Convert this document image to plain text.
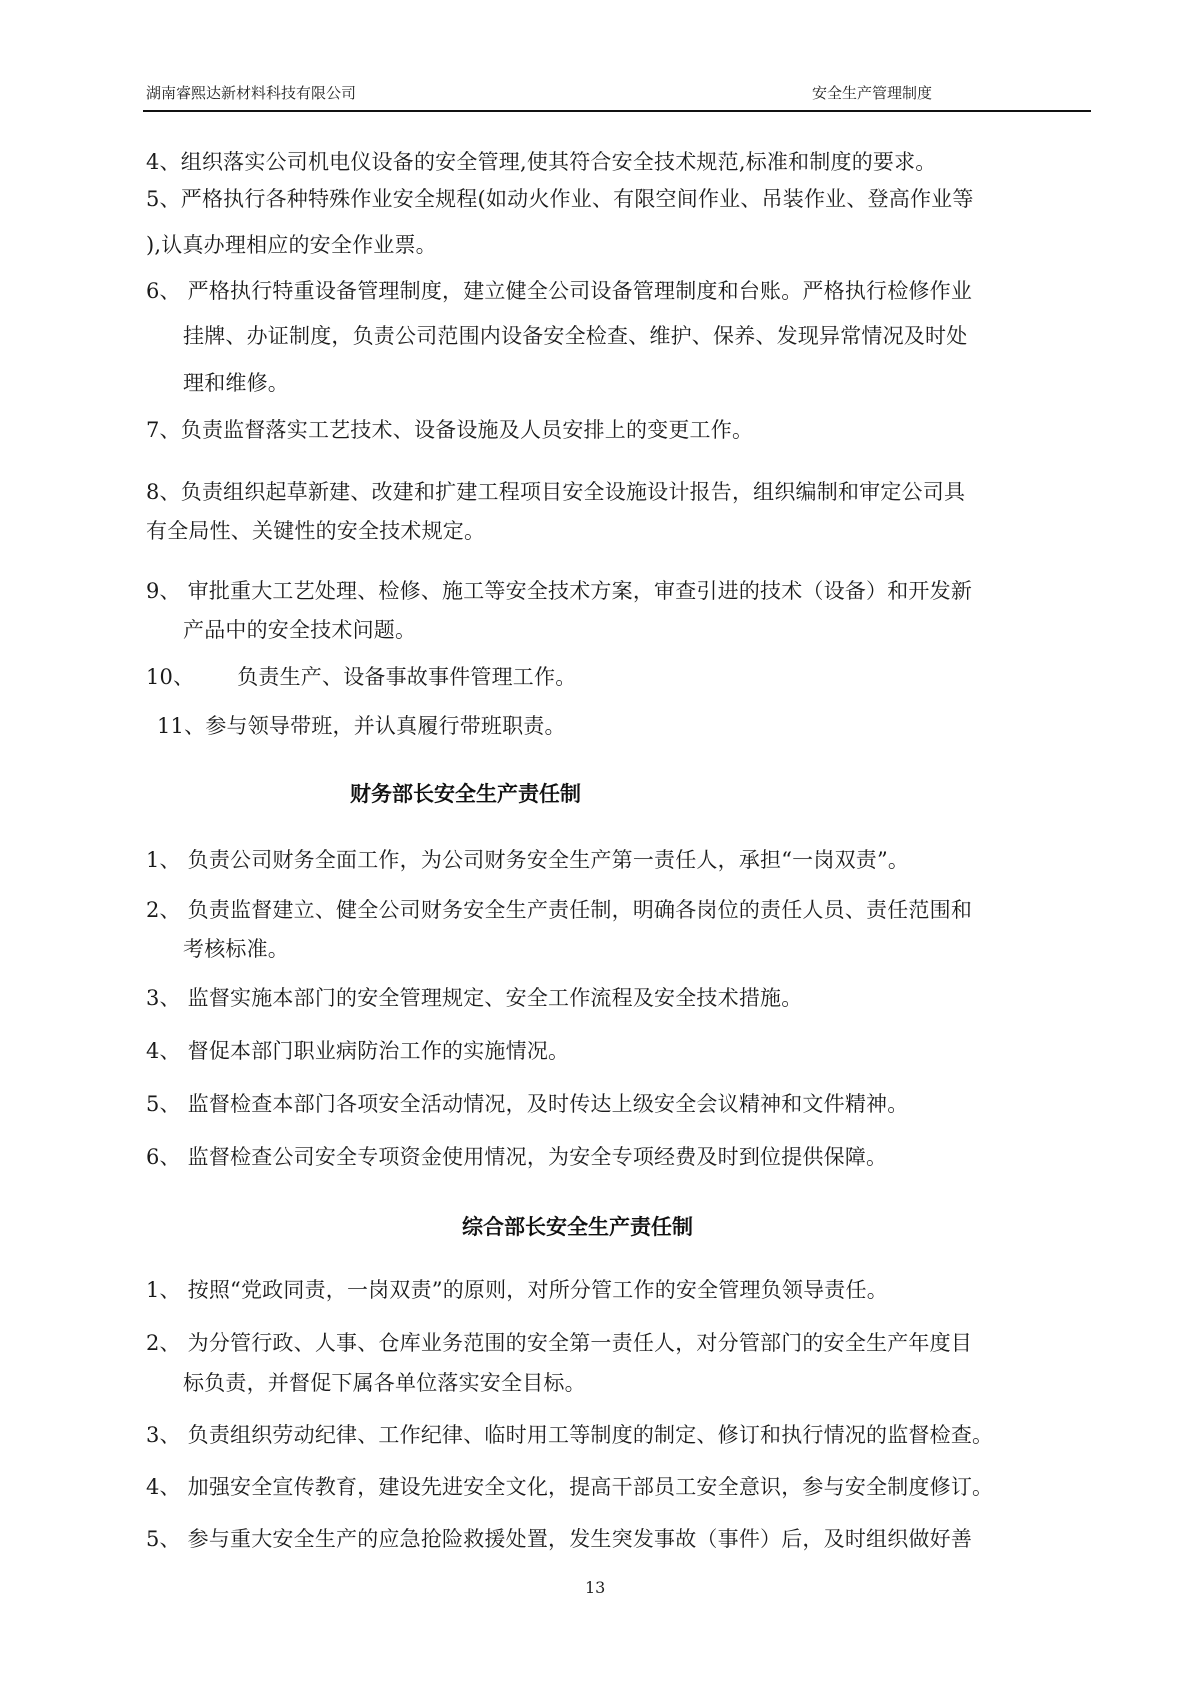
湖南睿熙达新材料科技有限公司	安全生产管理制度
4、组织落实公司机电仪设备的安全管理,使其符合安全技术规范,标准和制度的要求。
5、严格执行各种特殊作业安全规程(如动火作业、有限空间作业、吊装作业、登高作业等
),认真办理相应的安全作业票。
6、 严格执行特重设备管理制度，建立健全公司设备管理制度和台账。严格执行检修作业
挂牌、办证制度，负责公司范围内设备安全检查、维护、保养、发现异常情况及时处
理和维修。
7、负责监督落实工艺技术、设备设施及人员安排上的变更工作。
8、负责组织起草新建、改建和扩建工程项目安全设施设计报告，组织编制和审定公司具
有全局性、关键性的安全技术规定。
9、 审批重大工艺处理、检修、施工等安全技术方案，审查引进的技术（设备）和开发新
产品中的安全技术问题。
10、 负责生产、设备事故事件管理工作。
11、参与领导带班，并认真履行带班职责。
财务部长安全生产责任制
1、 负责公司财务全面工作，为公司财务安全生产第一责任人，承担“一岗双责”。
2、 负责监督建立、健全公司财务安全生产责任制，明确各岗位的责任人员、责任范围和
考核标准。
3、 监督实施本部门的安全管理规定、安全工作流程及安全技术措施。
4、 督促本部门职业病防治工作的实施情况。
5、 监督检查本部门各项安全活动情况，及时传达上级安全会议精神和文件精神。
6、 监督检查公司安全专项资金使用情况，为安全专项经费及时到位提供保障。
综合部长安全生产责任制
1、 按照“党政同责，一岗双责”的原则，对所分管工作的安全管理负领导责任。
2、 为分管行政、人事、仓库业务范围的安全第一责任人，对分管部门的安全生产年度目
标负责，并督促下属各单位落实安全目标。
3、 负责组织劳动纪律、工作纪律、临时用工等制度的制定、修订和执行情况的监督检查。
4、 加强安全宣传教育，建设先进安全文化，提高干部员工安全意识，参与安全制度修订。
5、 参与重大安全生产的应急抢险救援处置，发生突发事故（事件）后，及时组织做好善
13
